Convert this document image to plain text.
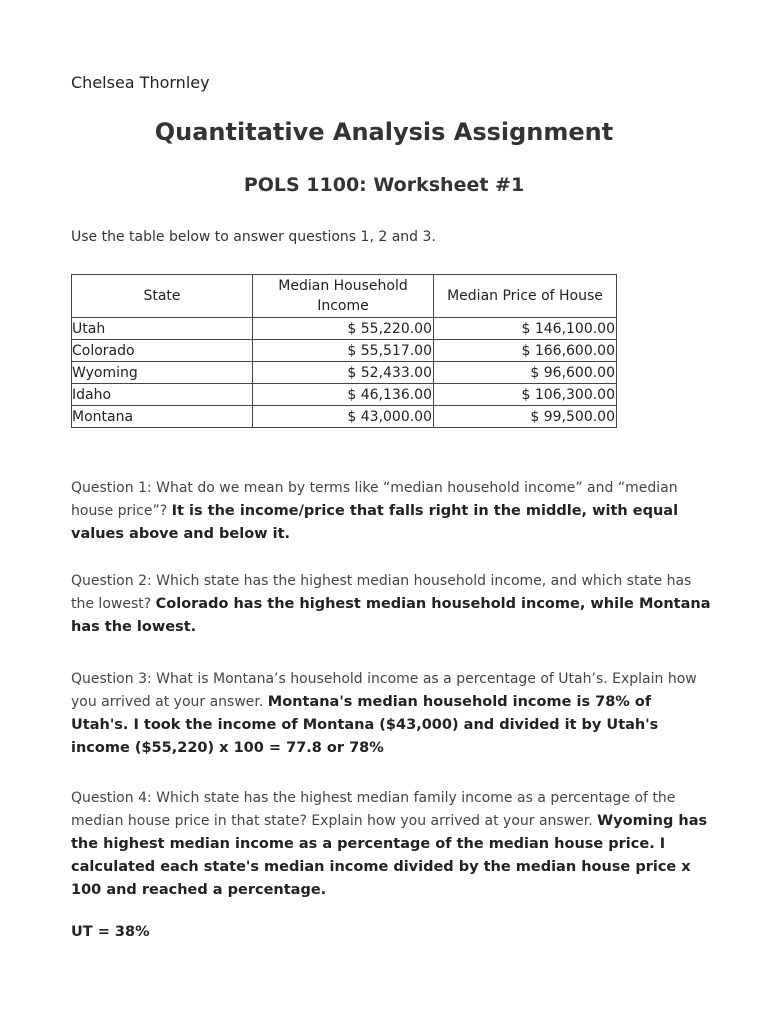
Chelsea Thornley
Quantitative Analysis Assignment
POLS 1100: Worksheet #1
Use the table below to answer questions 1, 2 and 3.
State	Median Household Income	Median Price of House
Utah	$ 55,220.00	$ 146,100.00
Colorado	$ 55,517.00	$ 166,600.00
Wyoming	$ 52,433.00	$ 96,600.00
Idaho	$ 46,136.00	$ 106,300.00
Montana	$ 43,000.00	$ 99,500.00
Question 1: What do we mean by terms like “median household income” and “median house price”? It is the income/price that falls right in the middle, with equal values above and below it.
Question 2: Which state has the highest median household income, and which state has the lowest? Colorado has the highest median household income, while Montana has the lowest.
Question 3: What is Montana’s household income as a percentage of Utah’s. Explain how you arrived at your answer. Montana's median household income is 78% of Utah's. I took the income of Montana ($43,000) and divided it by Utah's income ($55,220) x 100 = 77.8 or 78%
Question 4: Which state has the highest median family income as a percentage of the median house price in that state? Explain how you arrived at your answer. Wyoming has the highest median income as a percentage of the median house price. I calculated each state's median income divided by the median house price x 100 and reached a percentage.
UT = 38%
